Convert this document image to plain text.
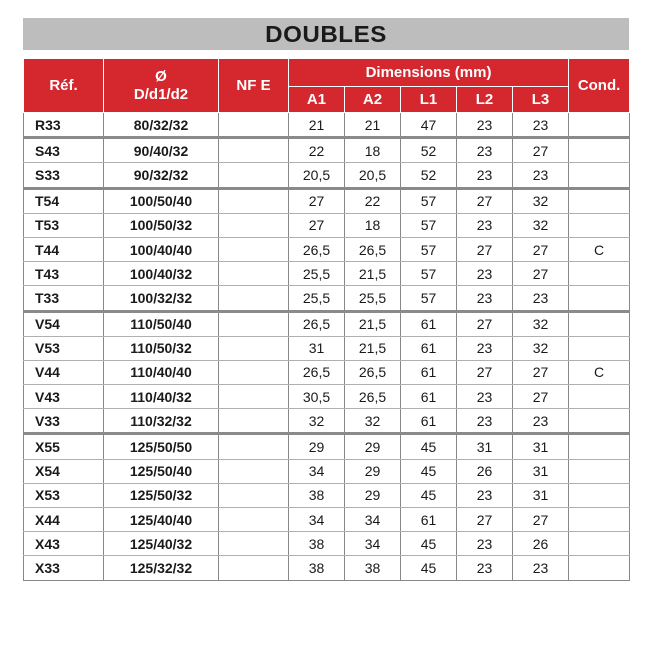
DOUBLES
Réf.	Ø
D/d1/d2	NF E	Dimensions (mm)					Cond.
			A1	A2	L1	L2	L3	
R33	80/32/32		21	21	47	23	23	
S43	90/40/32		22	18	52	23	27	
S33	90/32/32		20,5	20,5	52	23	23	
T54	100/50/40		27	22	57	27	32	
T53	100/50/32		27	18	57	23	32	
T44	100/40/40		26,5	26,5	57	27	27	C
T43	100/40/32		25,5	21,5	57	23	27	
T33	100/32/32		25,5	25,5	57	23	23	
V54	110/50/40		26,5	21,5	61	27	32	
V53	110/50/32		31	21,5	61	23	32	
V44	110/40/40		26,5	26,5	61	27	27	C
V43	110/40/32		30,5	26,5	61	23	27	
V33	110/32/32		32	32	61	23	23	
X55	125/50/50		29	29	45	31	31	
X54	125/50/40		34	29	45	26	31	
X53	125/50/32		38	29	45	23	31	
X44	125/40/40		34	34	61	27	27	
X43	125/40/32		38	34	45	23	26	
X33	125/32/32		38	38	45	23	23	
